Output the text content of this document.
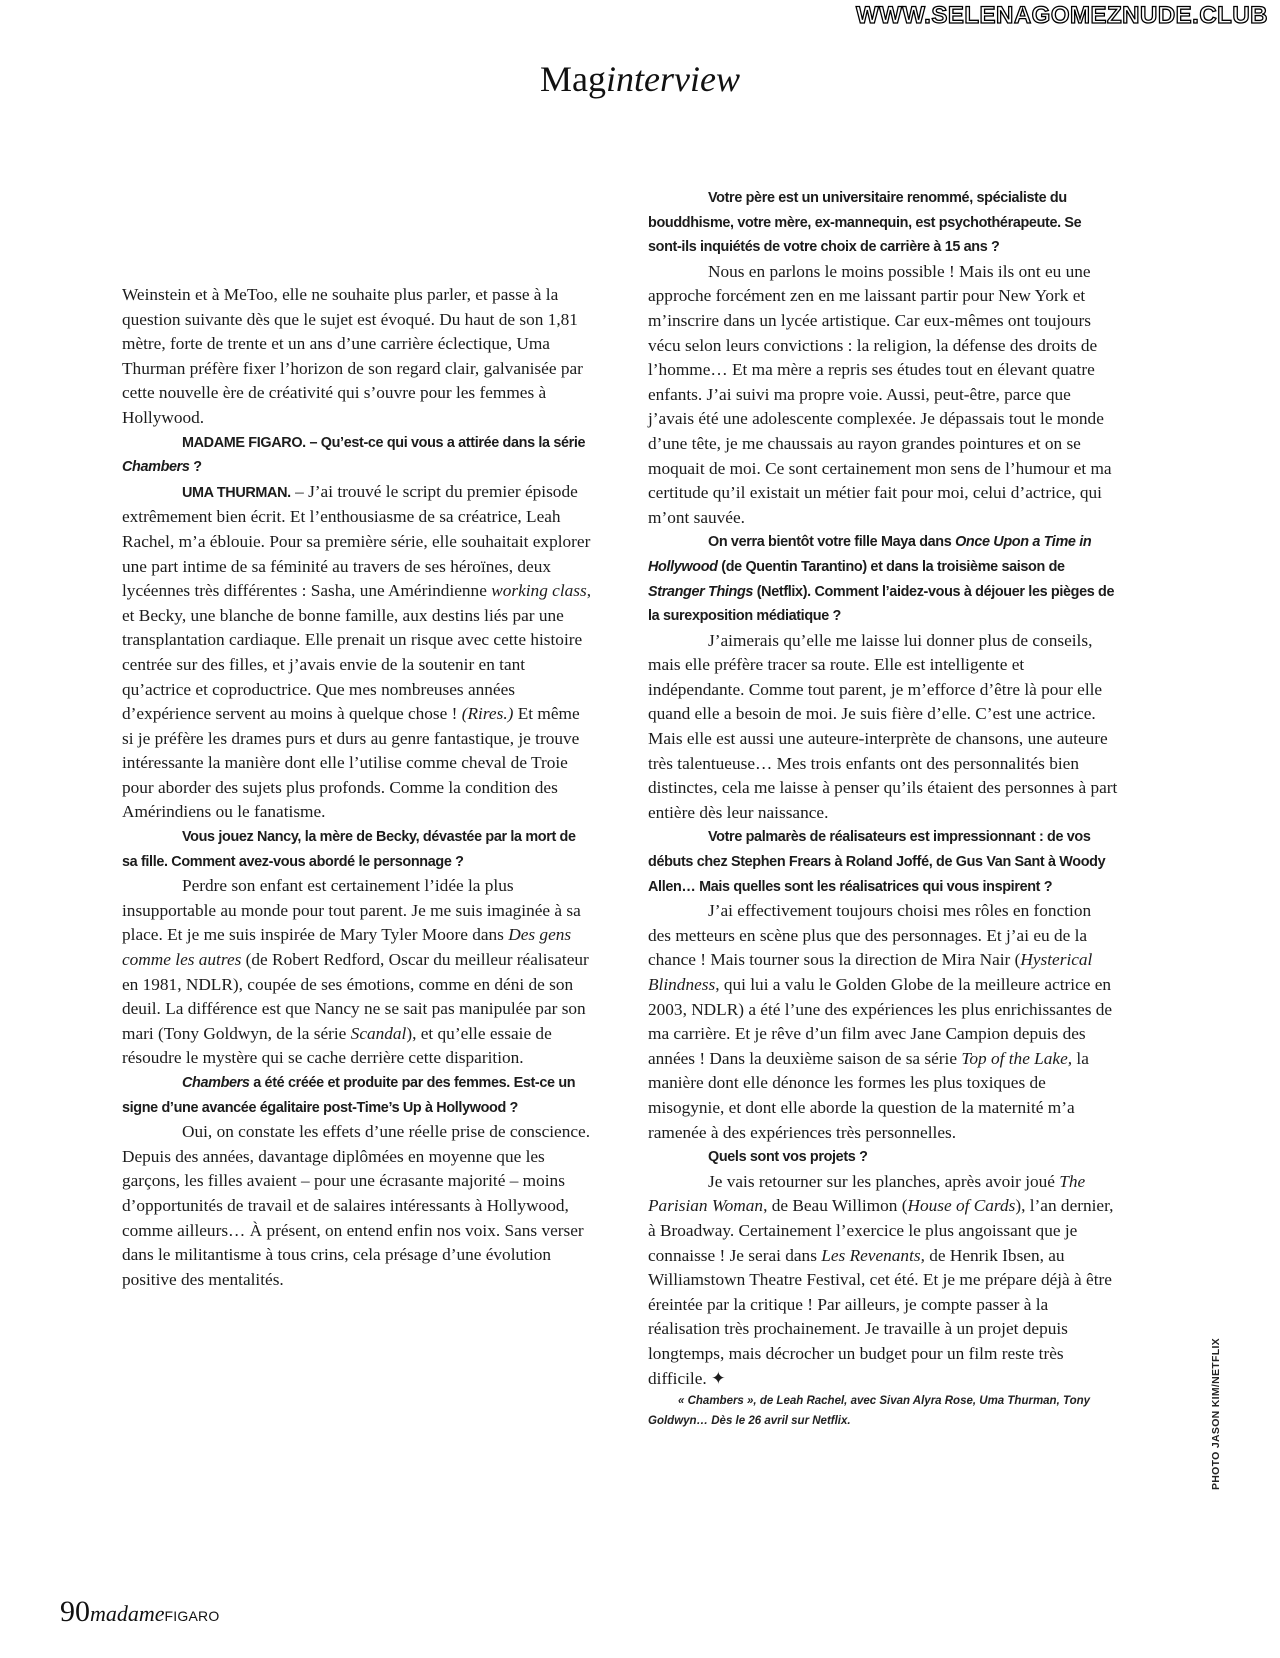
WWW.SELENAGOMEZNUDE.CLUB
Maginterview

Weinstein et à MeToo, elle ne souhaite plus parler, et passe à la question suivante dès que le sujet est évoqué. Du haut de son 1,81 mètre, forte de trente et un ans d’une carrière éclectique, Uma Thurman préfère fixer l’horizon de son regard clair, galvanisée par cette nouvelle ère de créativité qui s’ouvre pour les femmes à Hollywood.

MADAME FIGARO. – Qu’est-ce qui vous a attirée dans la série Chambers ?

UMA THURMAN. – J’ai trouvé le script du premier épisode extrêmement bien écrit. Et l’enthousiasme de sa créatrice, Leah Rachel, m’a éblouie. Pour sa première série, elle souhaitait explorer une part intime de sa féminité au travers de ses héroïnes, deux lycéennes très différentes : Sasha, une Amérindienne working class, et Becky, une blanche de bonne famille, aux destins liés par une transplantation cardiaque. Elle prenait un risque avec cette histoire centrée sur des filles, et j’avais envie de la soutenir en tant qu’actrice et coproductrice. Que mes nombreuses années d’expérience servent au moins à quelque chose ! (Rires.) Et même si je préfère les drames purs et durs au genre fantastique, je trouve intéressante la manière dont elle l’utilise comme cheval de Troie pour aborder des sujets plus profonds. Comme la condition des Amérindiens ou le fanatisme.

Vous jouez Nancy, la mère de Becky, dévastée par la mort de sa fille. Comment avez-vous abordé le personnage ?

Perdre son enfant est certainement l’idée la plus insupportable au monde pour tout parent. Je me suis imaginée à sa place. Et je me suis inspirée de Mary Tyler Moore dans Des gens comme les autres (de Robert Redford, Oscar du meilleur réalisateur en 1981, NDLR), coupée de ses émotions, comme en déni de son deuil. La différence est que Nancy ne se sait pas manipulée par son mari (Tony Goldwyn, de la série Scandal), et qu’elle essaie de résoudre le mystère qui se cache derrière cette disparition.

Chambers a été créée et produite par des femmes. Est-ce un signe d’une avancée égalitaire post-Time’s Up à Hollywood ?

Oui, on constate les effets d’une réelle prise de conscience. Depuis des années, davantage diplômées en moyenne que les garçons, les filles avaient – pour une écrasante majorité – moins d’opportunités de travail et de salaires intéressants à Hollywood, comme ailleurs… À présent, on entend enfin nos voix. Sans verser dans le militantisme à tous crins, cela présage d’une évolution positive des mentalités.

Votre père est un universitaire renommé, spécialiste du bouddhisme, votre mère, ex-mannequin, est psychothérapeute. Se sont-ils inquiétés de votre choix de carrière à 15 ans ?

Nous en parlons le moins possible ! Mais ils ont eu une approche forcément zen en me laissant partir pour New York et m’inscrire dans un lycée artistique. Car eux-mêmes ont toujours vécu selon leurs convictions : la religion, la défense des droits de l’homme… Et ma mère a repris ses études tout en élevant quatre enfants. J’ai suivi ma propre voie. Aussi, peut-être, parce que j’avais été une adolescente complexée. Je dépassais tout le monde d’une tête, je me chaussais au rayon grandes pointures et on se moquait de moi. Ce sont certainement mon sens de l’humour et ma certitude qu’il existait un métier fait pour moi, celui d’actrice, qui m’ont sauvée.

On verra bientôt votre fille Maya dans Once Upon a Time in Hollywood (de Quentin Tarantino) et dans la troisième saison de Stranger Things (Netflix). Comment l’aidez-vous à déjouer les pièges de la surexposition médiatique ?

J’aimerais qu’elle me laisse lui donner plus de conseils, mais elle préfère tracer sa route. Elle est intelligente et indépendante. Comme tout parent, je m’efforce d’être là pour elle quand elle a besoin de moi. Je suis fière d’elle. C’est une actrice. Mais elle est aussi une auteure-interprète de chansons, une auteure très talentueuse… Mes trois enfants ont des personnalités bien distinctes, cela me laisse à penser qu’ils étaient des personnes à part entière dès leur naissance.

Votre palmarès de réalisateurs est impressionnant : de vos débuts chez Stephen Frears à Roland Joffé, de Gus Van Sant à Woody Allen… Mais quelles sont les réalisatrices qui vous inspirent ?

J’ai effectivement toujours choisi mes rôles en fonction des metteurs en scène plus que des personnages. Et j’ai eu de la chance ! Mais tourner sous la direction de Mira Nair (Hysterical Blindness, qui lui a valu le Golden Globe de la meilleure actrice en 2003, NDLR) a été l’une des expériences les plus enrichissantes de ma carrière. Et je rêve d’un film avec Jane Campion depuis des années ! Dans la deuxième saison de sa série Top of the Lake, la manière dont elle dénonce les formes les plus toxiques de misogynie, et dont elle aborde la question de la maternité m’a ramenée à des expériences très personnelles.

Quels sont vos projets ?

Je vais retourner sur les planches, après avoir joué The Parisian Woman, de Beau Willimon (House of Cards), l’an dernier, à Broadway. Certainement l’exercice le plus angoissant que je connaisse ! Je serai dans Les Revenants, de Henrik Ibsen, au Williamstown Theatre Festival, cet été. Et je me prépare déjà à être éreintée par la critique ! Par ailleurs, je compte passer à la réalisation très prochainement. Je travaille à un projet depuis longtemps, mais décrocher un budget pour un film reste très difficile. ✦

« Chambers », de Leah Rachel, avec Sivan Alyra Rose, Uma Thurman, Tony Goldwyn… Dès le 26 avril sur Netflix.	PHOTO JASON KIM/NETFLIX
90madameFIGARO
